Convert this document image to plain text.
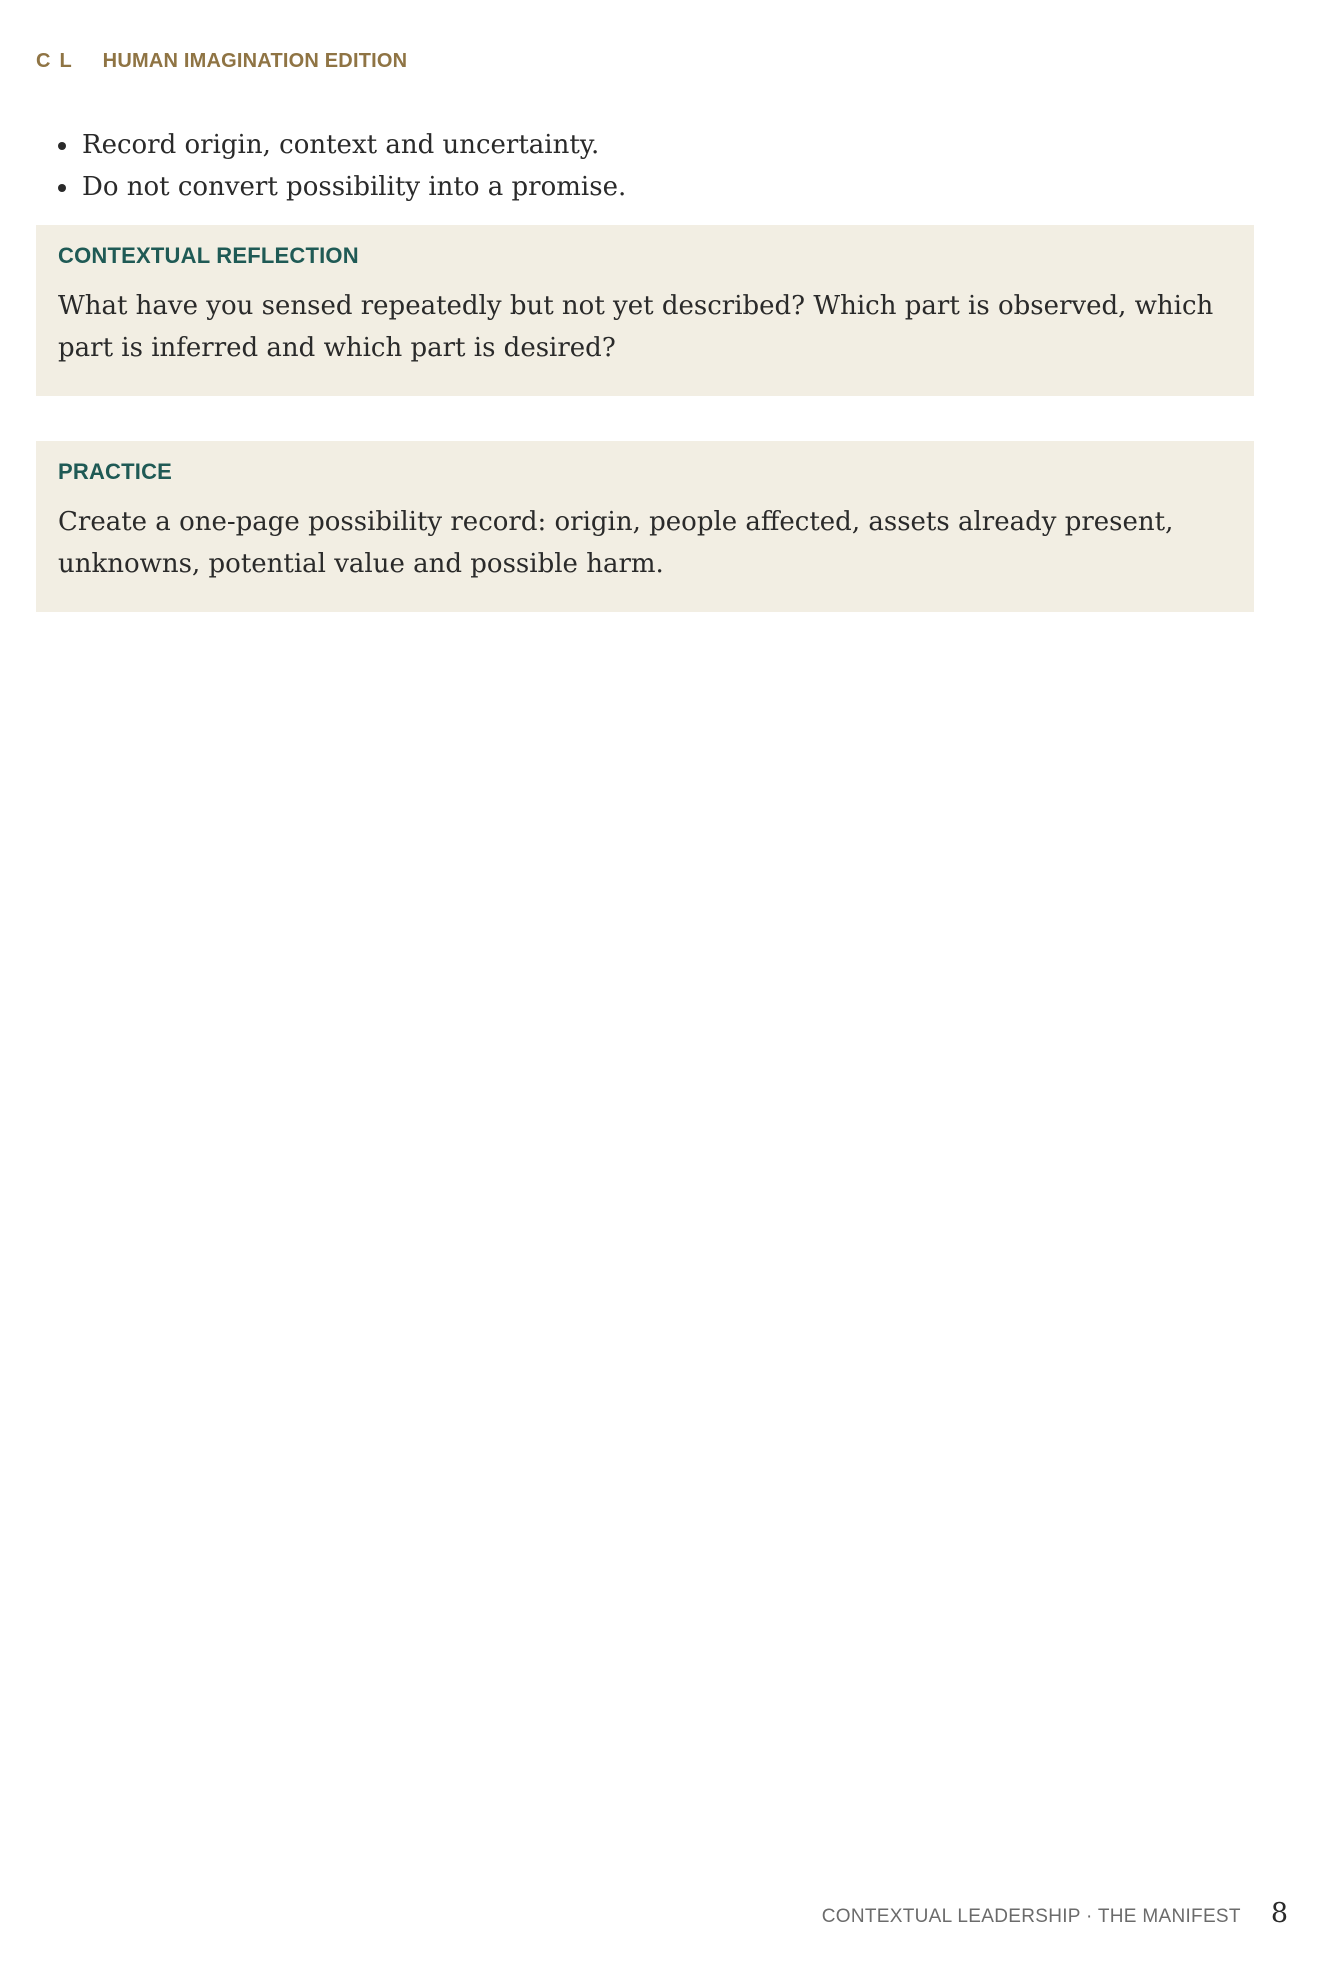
CL HUMAN IMAGINATION EDITION
• Record origin, context and uncertainty.
• Do not convert possibility into a promise.
CONTEXTUAL REFLECTION

What have you sensed repeatedly but not yet described? Which part is observed, which part is inferred and which part is desired?

PRACTICE

Create a one-page possibility record: origin, people affected, assets already present, unknowns, potential value and possible harm.

CONTEXTUAL LEADERSHIP · THE MANIFEST 8
